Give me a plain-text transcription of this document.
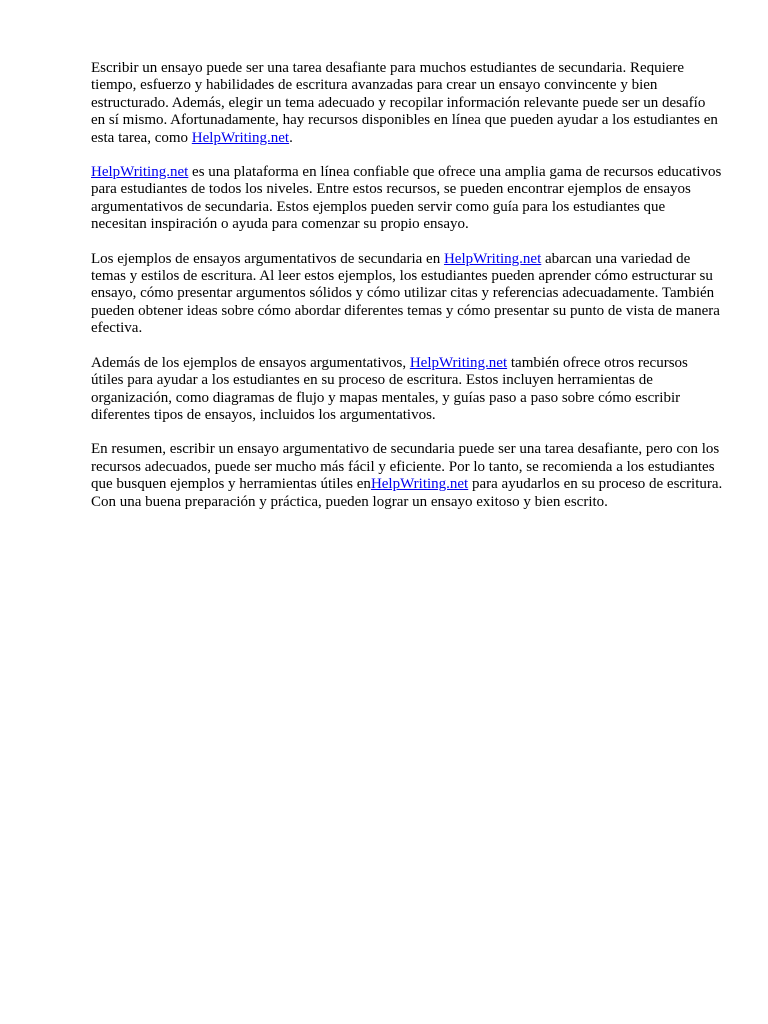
Escribir un ensayo puede ser una tarea desafiante para muchos estudiantes de secundaria. Requiere tiempo, esfuerzo y habilidades de escritura avanzadas para crear un ensayo convincente y bien estructurado. Además, elegir un tema adecuado y recopilar información relevante puede ser un desafío en sí mismo. Afortunadamente, hay recursos disponibles en línea que pueden ayudar a los estudiantes en esta tarea, como HelpWriting.net.

HelpWriting.net es una plataforma en línea confiable que ofrece una amplia gama de recursos educativos para estudiantes de todos los niveles. Entre estos recursos, se pueden encontrar ejemplos de ensayos argumentativos de secundaria. Estos ejemplos pueden servir como guía para los estudiantes que necesitan inspiración o ayuda para comenzar su propio ensayo.

Los ejemplos de ensayos argumentativos de secundaria en HelpWriting.net abarcan una variedad de temas y estilos de escritura. Al leer estos ejemplos, los estudiantes pueden aprender cómo estructurar su ensayo, cómo presentar argumentos sólidos y cómo utilizar citas y referencias adecuadamente. También pueden obtener ideas sobre cómo abordar diferentes temas y cómo presentar su punto de vista de manera efectiva.

Además de los ejemplos de ensayos argumentativos, HelpWriting.net también ofrece otros recursos útiles para ayudar a los estudiantes en su proceso de escritura. Estos incluyen herramientas de organización, como diagramas de flujo y mapas mentales, y guías paso a paso sobre cómo escribir diferentes tipos de ensayos, incluidos los argumentativos.

En resumen, escribir un ensayo argumentativo de secundaria puede ser una tarea desafiante, pero con los recursos adecuados, puede ser mucho más fácil y eficiente. Por lo tanto, se recomienda a los estudiantes que busquen ejemplos y herramientas útiles enHelpWriting.net para ayudarlos en su proceso de escritura. Con una buena preparación y práctica, pueden lograr un ensayo exitoso y bien escrito.
